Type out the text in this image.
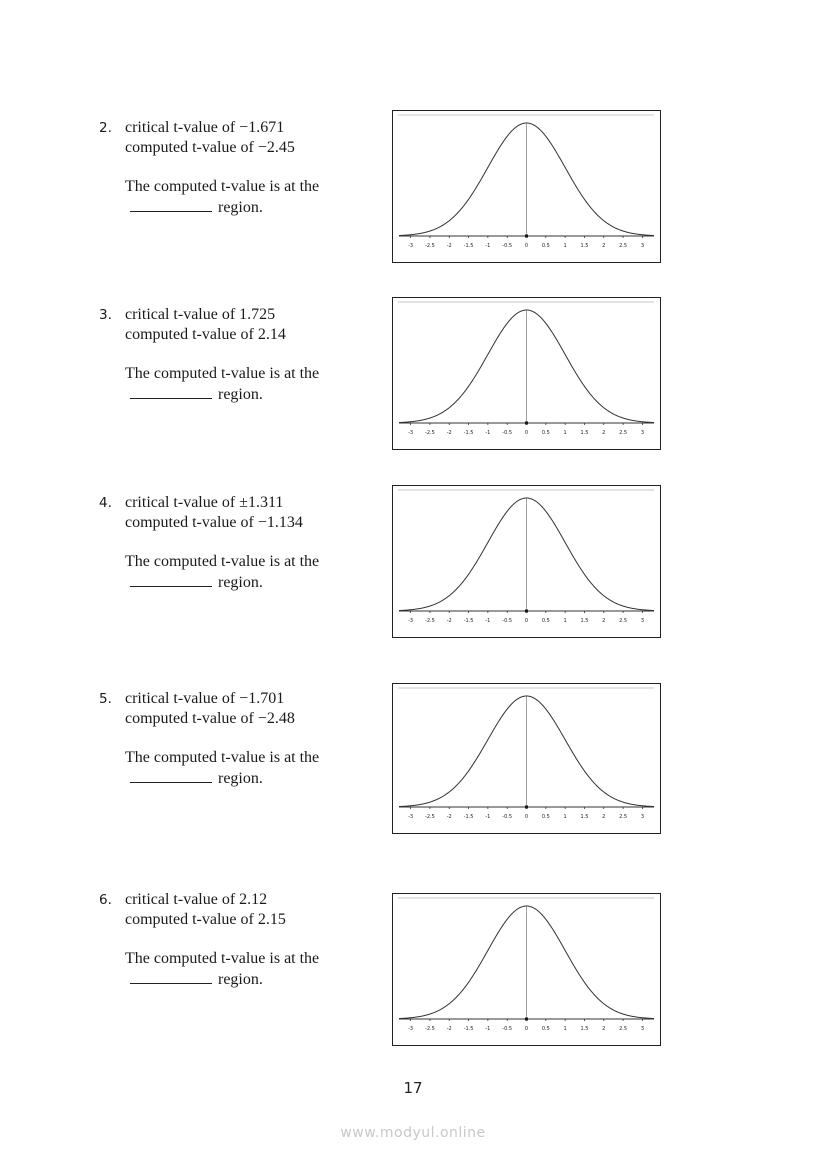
2. critical t-value of −1.671
computed t-value of −2.45
The computed t-value is at the
region.
-3 -2.5 -2 -1.5 -1 -0.5	0	0.5	1	1.5	2	2.5	3
3. critical t-value of 1.725
computed t-value of 2.14
The computed t-value is at the
region.
-3 -2.5 -2 -1.5 -1 -0.5	0	0.5	1	1.5	2	2.5	3
4. critical t-value of ±1.311
computed t-value of −1.134
The computed t-value is at the
region.
-3 -2.5 -2 -1.5 -1 -0.5	0	0.5	1	1.5	2	2.5	3
5. critical t-value of −1.701
computed t-value of −2.48
The computed t-value is at the
region.
-3 -2.5 -2 -1.5 -1 -0.5	0	0.5	1	1.5	2	2.5	3
6. critical t-value of 2.12
computed t-value of 2.15
The computed t-value is at the
region.
-3 -2.5 -2 -1.5 -1 -0.5	0	0.5	1	1.5	2	2.5	3
17
www.modyul.online
